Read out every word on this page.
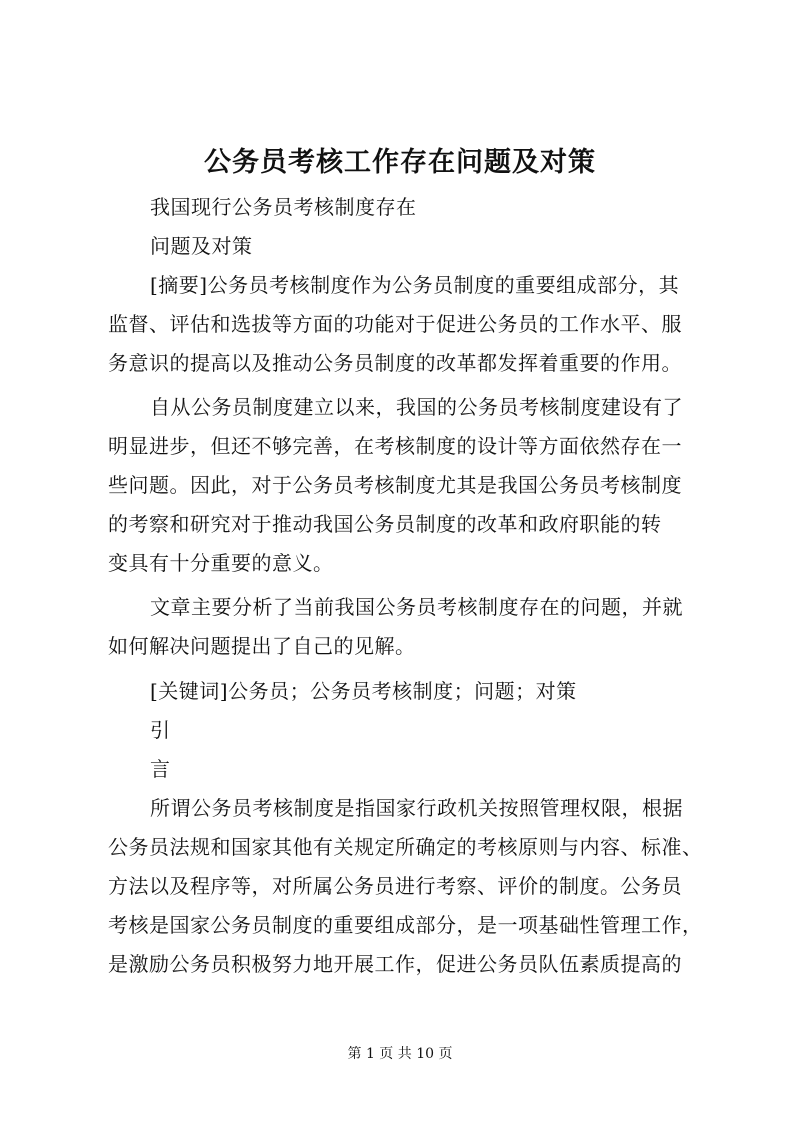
公务员考核工作存在问题及对策
我国现行公务员考核制度存在
问题及对策
[摘要]公务员考核制度作为公务员制度的重要组成部分，其
监督、评估和选拔等方面的功能对于促进公务员的工作水平、服
务意识的提高以及推动公务员制度的改革都发挥着重要的作用。
自从公务员制度建立以来，我国的公务员考核制度建设有了
明显进步，但还不够完善，在考核制度的设计等方面依然存在一
些问题。因此，对于公务员考核制度尤其是我国公务员考核制度
的考察和研究对于推动我国公务员制度的改革和政府职能的转
变具有十分重要的意义。
文章主要分析了当前我国公务员考核制度存在的问题，并就
如何解决问题提出了自己的见解。
[关键词]公务员；公务员考核制度；问题；对策
引
言
所谓公务员考核制度是指国家行政机关按照管理权限，根据
公务员法规和国家其他有关规定所确定的考核原则与内容、标准、
方法以及程序等，对所属公务员进行考察、评价的制度。公务员
考核是国家公务员制度的重要组成部分，是一项基础性管理工作，
是激励公务员积极努力地开展工作，促进公务员队伍素质提高的
第 1 页 共 10 页
